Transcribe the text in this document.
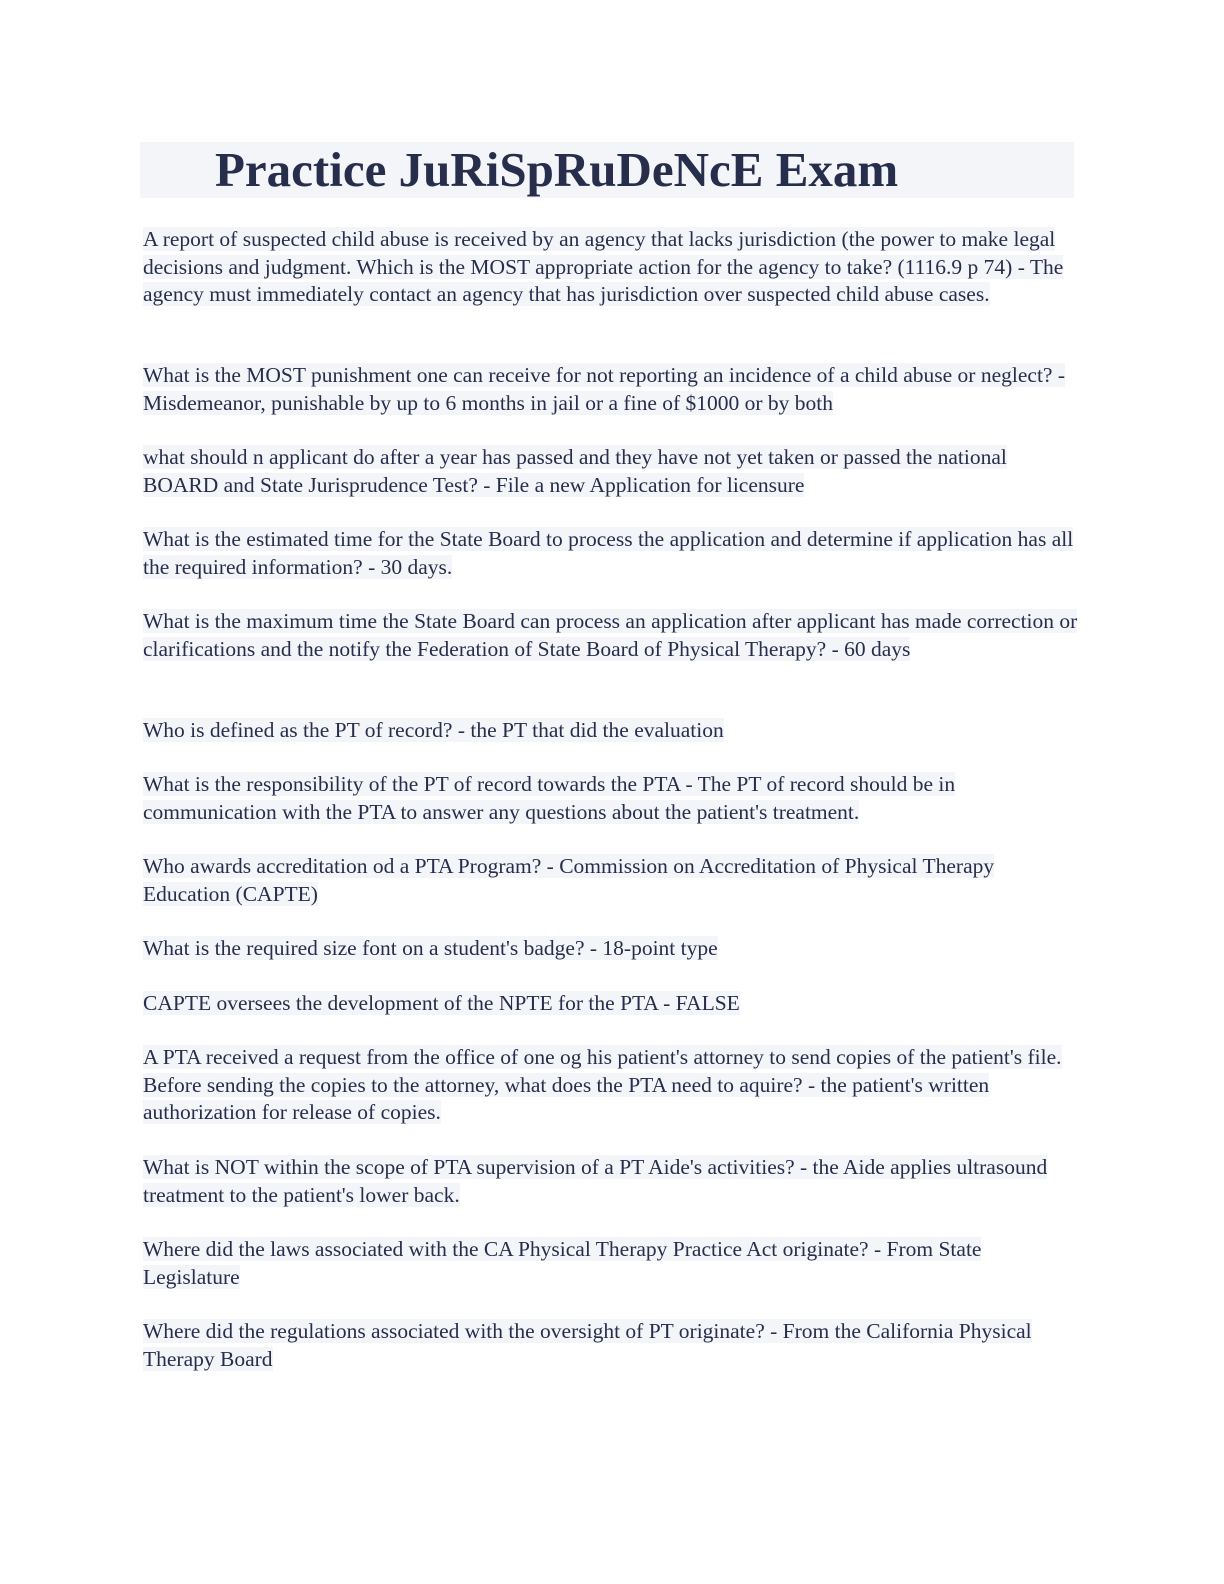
Practice JuRiSpRuDeNcE Exam
A report of suspected child abuse is received by an agency that lacks jurisdiction (the power to make legal decisions and judgment. Which is the MOST appropriate action for the agency to take? (1116.9 p 74) - The agency must immediately contact an agency that has jurisdiction over suspected child abuse cases.
What is the MOST punishment one can receive for not reporting an incidence of a child abuse or neglect? - Misdemeanor, punishable by up to 6 months in jail or a fine of $1000 or by both
what should n applicant do after a year has passed and they have not yet taken or passed the national BOARD and State Jurisprudence Test? - File a new Application for licensure
What is the estimated time for the State Board to process the application and determine if application has all the required information? - 30 days.
What is the maximum time the State Board can process an application after applicant has made correction or clarifications and the notify the Federation of State Board of Physical Therapy? - 60 days
Who is defined as the PT of record? - the PT that did the evaluation
What is the responsibility of the PT of record towards the PTA - The PT of record should be in communication with the PTA to answer any questions about the patient's treatment.
Who awards accreditation od a PTA Program? - Commission on Accreditation of Physical Therapy Education (CAPTE)
What is the required size font on a student's badge? - 18-point type
CAPTE oversees the development of the NPTE for the PTA - FALSE
A PTA received a request from the office of one og his patient's attorney to send copies of the patient's file. Before sending the copies to the attorney, what does the PTA need to aquire? - the patient's written authorization for release of copies.
What is NOT within the scope of PTA supervision of a PT Aide's activities? - the Aide applies ultrasound treatment to the patient's lower back.
Where did the laws associated with the CA Physical Therapy Practice Act originate? - From State Legislature
Where did the regulations associated with the oversight of PT originate? - From the California Physical Therapy Board
